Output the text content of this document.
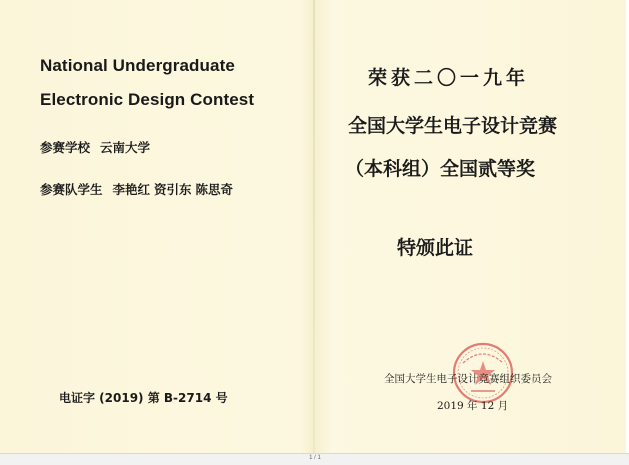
National Undergraduate
Electronic Design Contest
参赛学校 云南大学
参赛队学生 李艳红 资引东 陈思奇
电证字 (2019) 第 B-2714 号
荣获二〇一九年
全国大学生电子设计竞赛
（本科组）全国贰等奖
特颁此证
全国大学生电子设计竞赛组织委员会
2019 年 12 月
1 / 1
